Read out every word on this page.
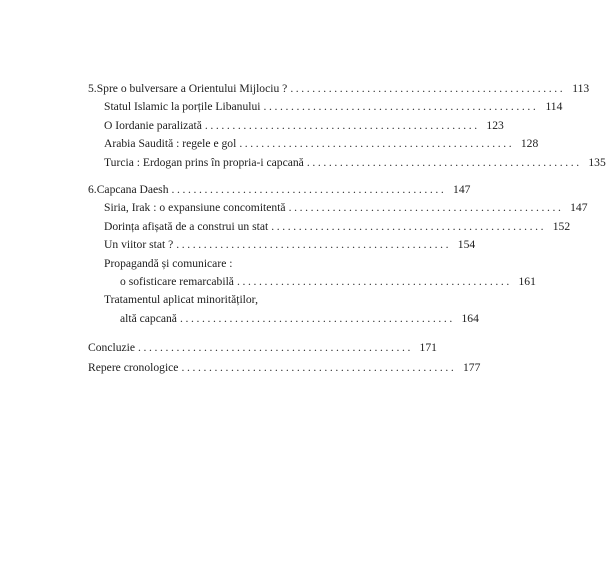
5. Spre o bulversare a Orientului Mijlociu ? .................................................. 113
Statul Islamic la porțile Libanului .................................................. 114
O Iordanie paralizată .................................................. 123
Arabia Saudită : regele e gol .................................................. 128
Turcia : Erdogan prins în propria-i capcană .................................................. 135
6. Capcana Daesh .................................................. 147
Siria, Irak : o expansiune concomitentă .................................................. 147
Dorința afișată de a construi un stat .................................................. 152
Un viitor stat ? .................................................. 154
Propagandă și comunicare :
o sofisticare remarcabilă .................................................. 161
Tratamentul aplicat minorităților,
altă capcană .................................................. 164
Concluzie .................................................. 171
Repere cronologice .................................................. 177
